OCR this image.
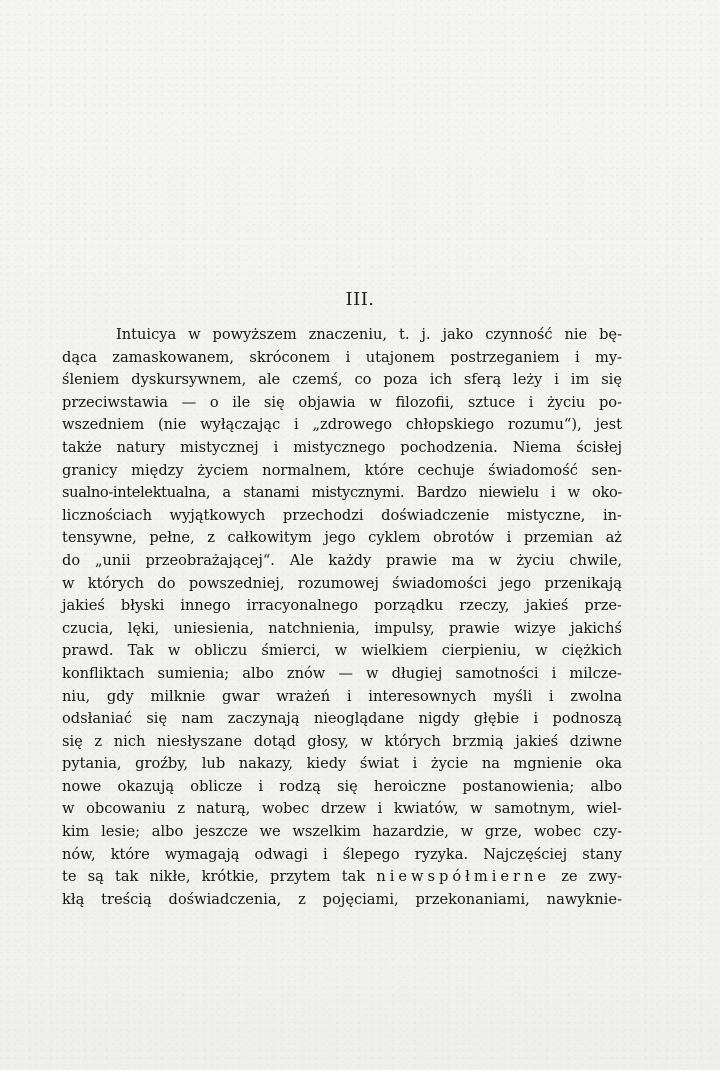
III.
Intuicya w powyższem znaczeniu, t. j. jako czynność nie bę-
dąca zamaskowanem, skróconem i utajonem postrzeganiem i my-
śleniem dyskursywnem, ale czemś, co poza ich sferą leży i im się
przeciwstawia — o ile się objawia w filozofii, sztuce i życiu po-
wszedniem (nie wyłączając i „zdrowego chłopskiego rozumu“), jest
także natury mistycznej i mistycznego pochodzenia. Niema ścisłej
granicy między życiem normalnem, które cechuje świadomość sen-
sualno-intelektualna, a stanami mistycznymi. Bardzo niewielu i w oko-
licznościach wyjątkowych przechodzi doświadczenie mistyczne, in-
tensywne, pełne, z całkowitym jego cyklem obrotów i przemian aż
do „unii przeobrażającej“. Ale każdy prawie ma w życiu chwile,
w których do powszedniej, rozumowej świadomości jego przenikają
jakieś błyski innego irracyonalnego porządku rzeczy, jakieś prze-
czucia, lęki, uniesienia, natchnienia, impulsy, prawie wizye jakichś
prawd. Tak w obliczu śmierci, w wielkiem cierpieniu, w ciężkich
konfliktach sumienia; albo znów — w długiej samotności i milcze-
niu, gdy milknie gwar wrażeń i interesownych myśli i zwolna
odsłaniać się nam zaczynają nieoglądane nigdy głębie i podnoszą
się z nich niesłyszane dotąd głosy, w których brzmią jakieś dziwne
pytania, groźby, lub nakazy, kiedy świat i życie na mgnienie oka
nowe okazują oblicze i rodzą się heroiczne postanowienia; albo
w obcowaniu z naturą, wobec drzew i kwiatów, w samotnym, wiel-
kim lesie; albo jeszcze we wszelkim hazardzie, w grze, wobec czy-
nów, które wymagają odwagi i ślepego ryzyka. Najczęściej stany
te są tak nikłe, krótkie, przytem tak niewspółmierne ze zwy-
kłą treścią doświadczenia, z pojęciami, przekonaniami, nawyknie-
